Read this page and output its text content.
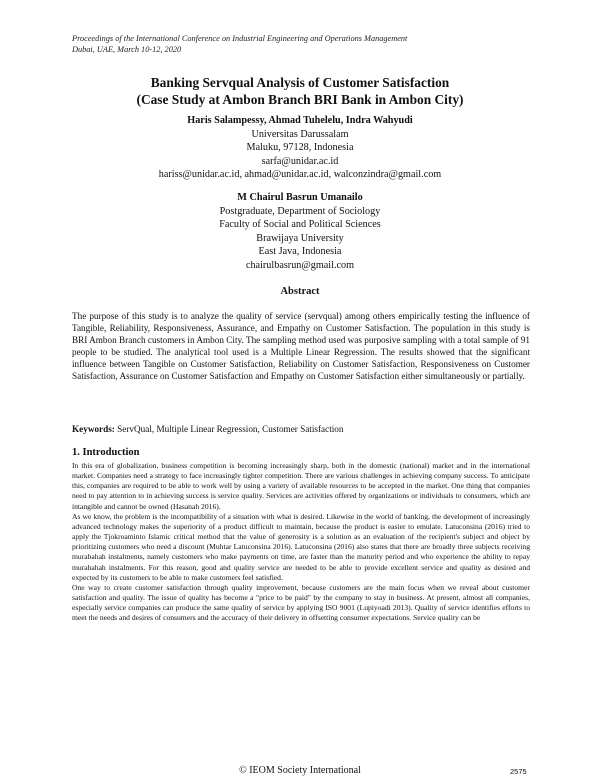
Proceedings of the International Conference on Industrial Engineering and Operations Management
Dubai, UAE, March 10-12, 2020
Banking Servqual Analysis of Customer Satisfaction
(Case Study at Ambon Branch BRI Bank in Ambon City)
Haris Salampessy, Ahmad Tuhelelu, Indra Wahyudi
Universitas Darussalam
Maluku, 97128, Indonesia
sarfa@unidar.ac.id
hariss@unidar.ac.id, ahmad@unidar.ac.id, walconzindra@gmail.com
M Chairul Basrun Umanailo
Postgraduate, Department of Sociology
Faculty of Social and Political Sciences
Brawijaya University
East Java, Indonesia
chairulbasrun@gmail.com
Abstract
The purpose of this study is to analyze the quality of service (servqual) among others empirically testing the influence of Tangible, Reliability, Responsiveness, Assurance, and Empathy on Customer Satisfaction. The population in this study is BRI Ambon Branch customers in Ambon City. The sampling method used was purposive sampling with a total sample of 91 people to be studied. The analytical tool used is a Multiple Linear Regression. The results showed that the significant influence between Tangible on Customer Satisfaction, Reliability on Customer Satisfaction, Responsiveness on Customer Satisfaction, Assurance on Customer Satisfaction and Empathy on Customer Satisfaction either simultaneously or partially.
Keywords: ServQual, Multiple Linear Regression, Customer Satisfaction
1. Introduction

In this era of globalization, business competition is becoming increasingly sharp, both in the domestic (national) market and in the international market. Companies need a strategy to face increasingly tighter competition. There are various challenges in achieving company success. To anticipate this, companies are required to be able to work well by using a variety of available resources to be accepted in the market. One thing that companies need to pay attention to in achieving success is service quality. Services are activities offered by organizations or individuals to consumers, which are intangible and cannot be owned (Hasanah 2016).

As we know, the problem is the incompatibility of a situation with what is desired. Likewise in the world of banking, the development of increasingly advanced technology makes the superiority of a product difficult to maintain, because the product is easier to emulate. Latuconsina (2016) tried to apply the Tjokroaminto Islamic critical method that the value of generosity is a solution as an evaluation of the recipient's subject and object by prioritizing customers who need a discount (Muhtar Latuconsina 2016). Latuconsina (2016) also states that there are broadly three subjects receiving murabahah instalments, namely customers who make payments on time, are faster than the maturity period and who experience the ability to repay murabahah instalments. For this reason, good and quality service are needed to be able to provide excellent service and quality as desired and expected by its customers to be able to make customers feel satisfied.

One way to create customer satisfaction through quality improvement, because customers are the main focus when we reveal about customer satisfaction and quality. The issue of quality has become a "price to be paid" by the company to stay in business. At present, almost all companies, especially service companies can produce the same quality of service by applying ISO 9001 (Lupiyoadi 2013). Quality of service identifies efforts to meet the needs and desires of consumers and the accuracy of their delivery in offsetting consumer expectations. Service quality can be

© IEOM Society International	2575
